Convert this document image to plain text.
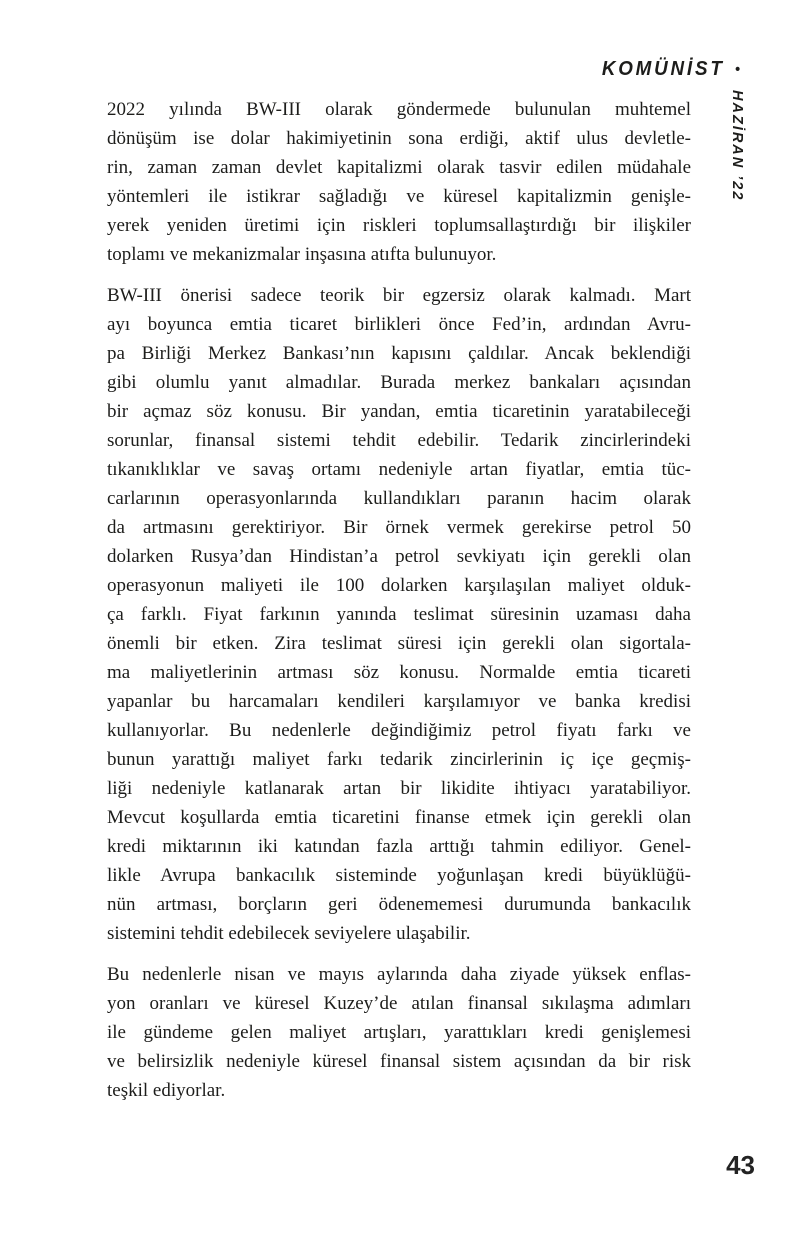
KOMÜNİST •
HAZİRAN ’22
2022 yılında BW-III olarak göndermede bulunulan muhtemel
dönüşüm ise dolar hakimiyetinin sona erdiği, aktif ulus devletle-
rin, zaman zaman devlet kapitalizmi olarak tasvir edilen müdahale
yöntemleri ile istikrar sağladığı ve küresel kapitalizmin genişle-
yerek yeniden üretimi için riskleri toplumsallaştırdığı bir ilişkiler
toplamı ve mekanizmalar inşasına atıfta bulunuyor.
BW-III önerisi sadece teorik bir egzersiz olarak kalmadı. Mart
ayı boyunca emtia ticaret birlikleri önce Fed’in, ardından Avru-
pa Birliği Merkez Bankası’nın kapısını çaldılar. Ancak beklendiği
gibi olumlu yanıt almadılar. Burada merkez bankaları açısından
bir açmaz söz konusu. Bir yandan, emtia ticaretinin yaratabileceği
sorunlar, finansal sistemi tehdit edebilir. Tedarik zincirlerindeki
tıkanıklıklar ve savaş ortamı nedeniyle artan fiyatlar, emtia tüc-
carlarının operasyonlarında kullandıkları paranın hacim olarak
da artmasını gerektiriyor. Bir örnek vermek gerekirse petrol 50
dolarken Rusya’dan Hindistan’a petrol sevkiyatı için gerekli olan
operasyonun maliyeti ile 100 dolarken karşılaşılan maliyet olduk-
ça farklı. Fiyat farkının yanında teslimat süresinin uzaması daha
önemli bir etken. Zira teslimat süresi için gerekli olan sigortala-
ma maliyetlerinin artması söz konusu. Normalde emtia ticareti
yapanlar bu harcamaları kendileri karşılamıyor ve banka kredisi
kullanıyorlar. Bu nedenlerle değindiğimiz petrol fiyatı farkı ve
bunun yarattığı maliyet farkı tedarik zincirlerinin iç içe geçmiş-
liği nedeniyle katlanarak artan bir likidite ihtiyacı yaratabiliyor.
Mevcut koşullarda emtia ticaretini finanse etmek için gerekli olan
kredi miktarının iki katından fazla arttığı tahmin ediliyor. Genel-
likle Avrupa bankacılık sisteminde yoğunlaşan kredi büyüklüğü-
nün artması, borçların geri ödenememesi durumunda bankacılık
sistemini tehdit edebilecek seviyelere ulaşabilir.
Bu nedenlerle nisan ve mayıs aylarında daha ziyade yüksek enflas-
yon oranları ve küresel Kuzey’de atılan finansal sıkılaşma adımları
ile gündeme gelen maliyet artışları, yarattıkları kredi genişlemesi
ve belirsizlik nedeniyle küresel finansal sistem açısından da bir risk
teşkil ediyorlar.
43
